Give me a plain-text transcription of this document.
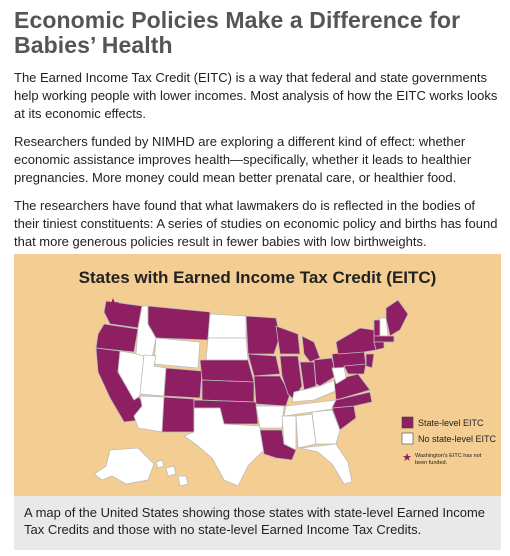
Economic Policies Make a Difference for Babies’ Health

The Earned Income Tax Credit (EITC) is a way that federal and state governments help working people with lower incomes. Most analysis of how the EITC works looks at its economic effects.

Researchers funded by NIMHD are exploring a different kind of effect: whether economic assistance improves health—specifically, whether it leads to healthier pregnancies. More money could mean better prenatal care, or healthier food.

The researchers have found that what lawmakers do is reflected in the bodies of their tiniest constituents: A series of studies on economic policy and births has found that more generous policies result in fewer babies with low birthweights.

States with Earned Income Tax Credit (EITC)
State-level EITC
No state-level EITC
Washington's EITC has not
been funded.
A map of the United States showing those states with state-level Earned Income Tax Credits and those with no state-level Earned Income Tax Credits.
